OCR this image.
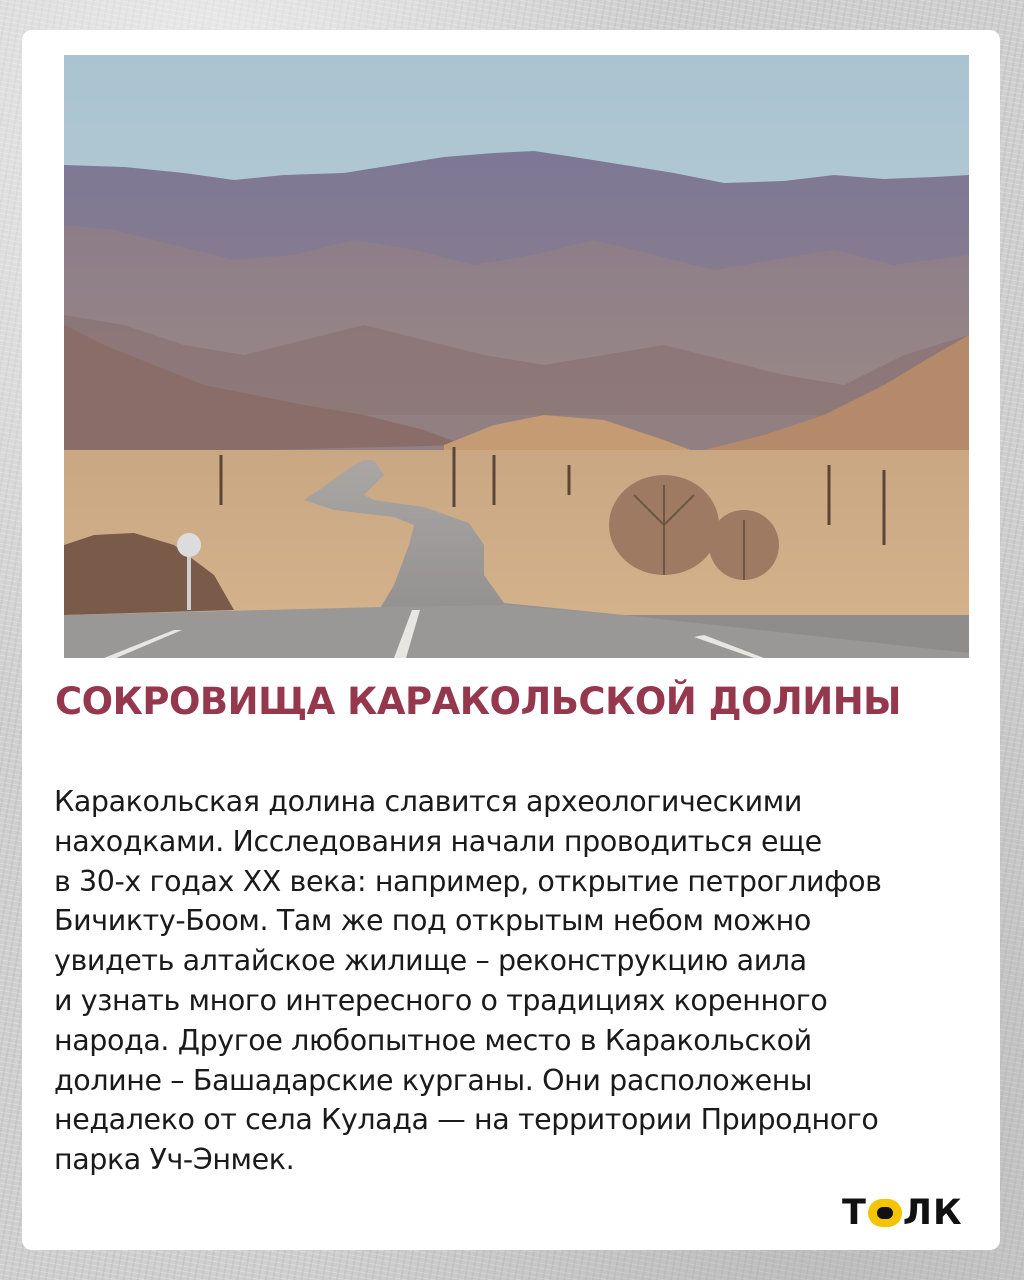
СОКРОВИЩА КАРАКОЛЬСКОЙ ДОЛИНЫ
Каракольская долина славится археологическими
находками. Исследования начали проводиться еще
в 30-х годах XX века: например, открытие петроглифов
Бичикту-Боом. Там же под открытым небом можно
увидеть алтайское жилище – реконструкцию аила
и узнать много интересного о традициях коренного
народа. Другое любопытное место в Каракольской
долине – Башадарские курганы. Они расположены
недалеко от села Кулада — на территории Природного
парка Уч-Энмек.
Т ЛК
